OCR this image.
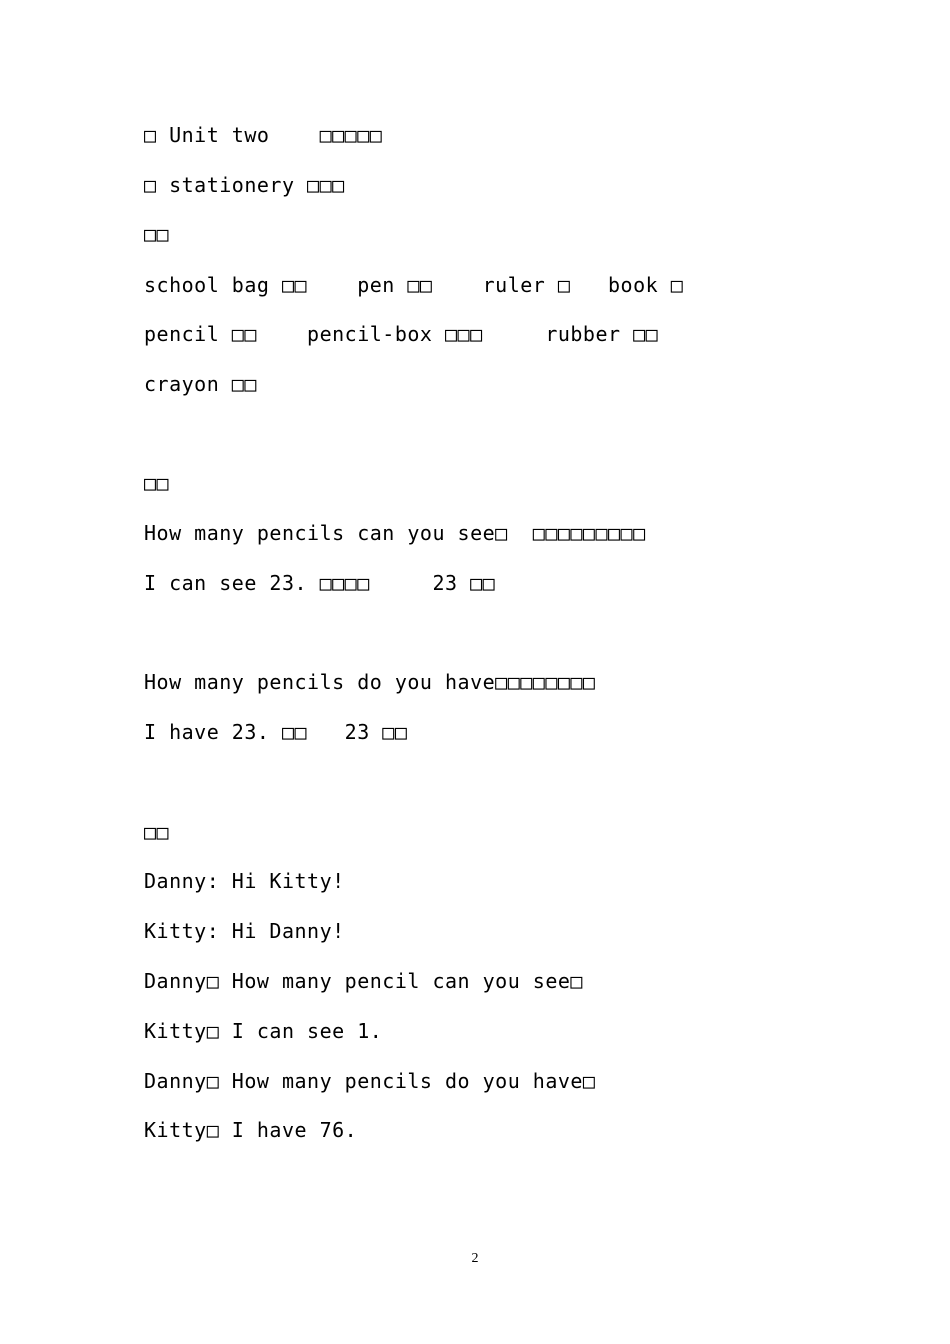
□ Unit two    □□□□□
□ stationery □□□
□□
school bag □□    pen □□    ruler □   book □
pencil □□    pencil-box □□□     rubber □□
crayon □□
□□
How many pencils can you see□  □□□□□□□□□
I can see 23. □□□□     23 □□
How many pencils do you have□□□□□□□□
I have 23. □□   23 □□
□□
Danny: Hi Kitty!
Kitty: Hi Danny!
Danny□ How many pencil can you see□
Kitty□ I can see 1.
Danny□ How many pencils do you have□
Kitty□ I have 76.
2
